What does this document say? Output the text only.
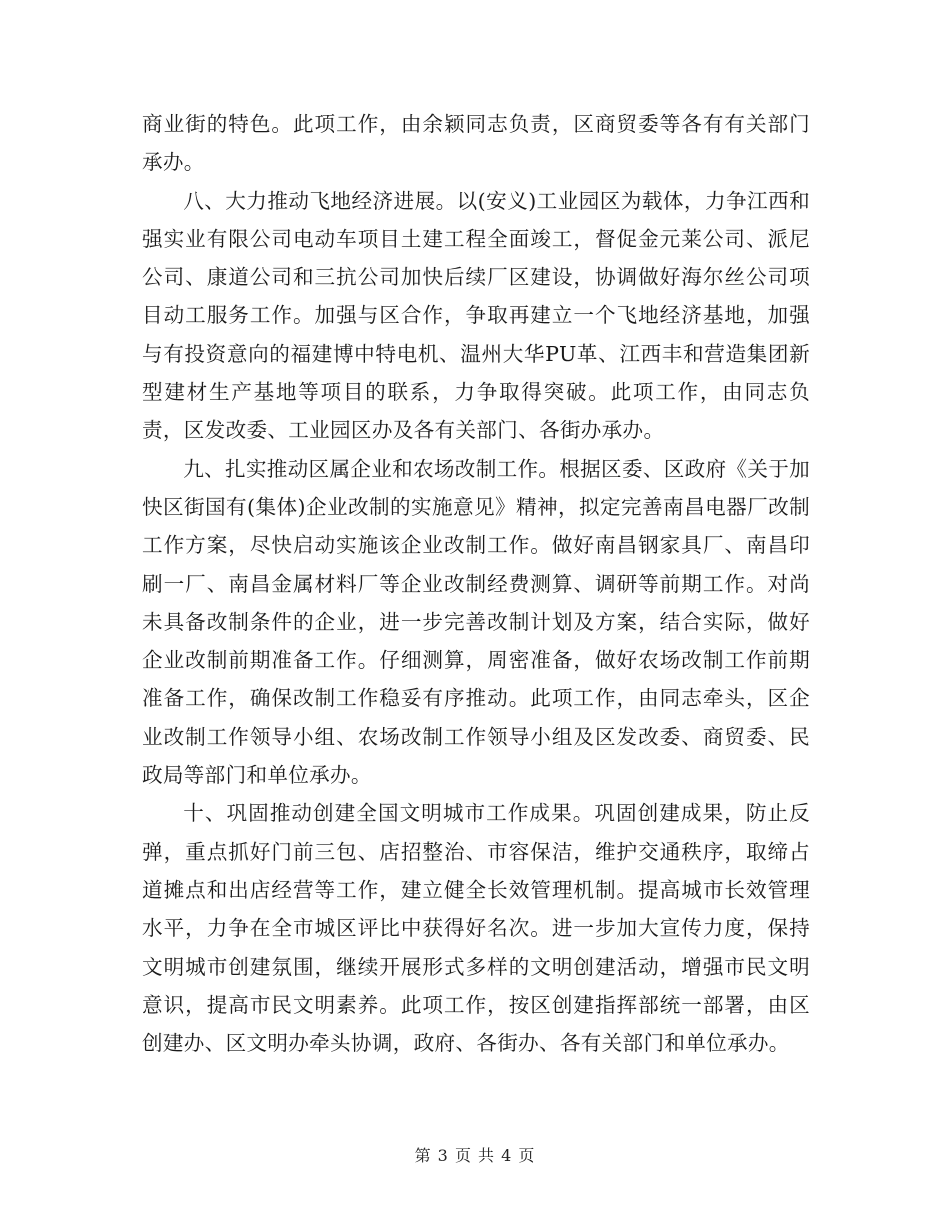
商业街的特色。此项工作，由余颖同志负责，区商贸委等各有有关部门承办。

八、大力推动飞地经济进展。以(安义)工业园区为载体，力争江西和强实业有限公司电动车项目土建工程全面竣工，督促金元莱公司、派尼公司、康道公司和三抗公司加快后续厂区建设，协调做好海尔丝公司项目动工服务工作。加强与区合作，争取再建立一个飞地经济基地，加强与有投资意向的福建博中特电机、温州大华PU革、江西丰和营造集团新型建材生产基地等项目的联系，力争取得突破。此项工作，由同志负责，区发改委、工业园区办及各有关部门、各街办承办。

九、扎实推动区属企业和农场改制工作。根据区委、区政府《关于加快区街国有(集体)企业改制的实施意见》精神，拟定完善南昌电器厂改制工作方案，尽快启动实施该企业改制工作。做好南昌钢家具厂、南昌印刷一厂、南昌金属材料厂等企业改制经费测算、调研等前期工作。对尚未具备改制条件的企业，进一步完善改制计划及方案，结合实际，做好企业改制前期准备工作。仔细测算，周密准备，做好农场改制工作前期准备工作，确保改制工作稳妥有序推动。此项工作，由同志牵头，区企业改制工作领导小组、农场改制工作领导小组及区发改委、商贸委、民政局等部门和单位承办。

十、巩固推动创建全国文明城市工作成果。巩固创建成果，防止反弹，重点抓好门前三包、店招整治、市容保洁，维护交通秩序，取缔占道摊点和出店经营等工作，建立健全长效管理机制。提高城市长效管理水平，力争在全市城区评比中获得好名次。进一步加大宣传力度，保持文明城市创建氛围，继续开展形式多样的文明创建活动，增强市民文明意识，提高市民文明素养。此项工作，按区创建指挥部统一部署，由区创建办、区文明办牵头协调，政府、各街办、各有关部门和单位承办。

第 3 页 共 4 页
